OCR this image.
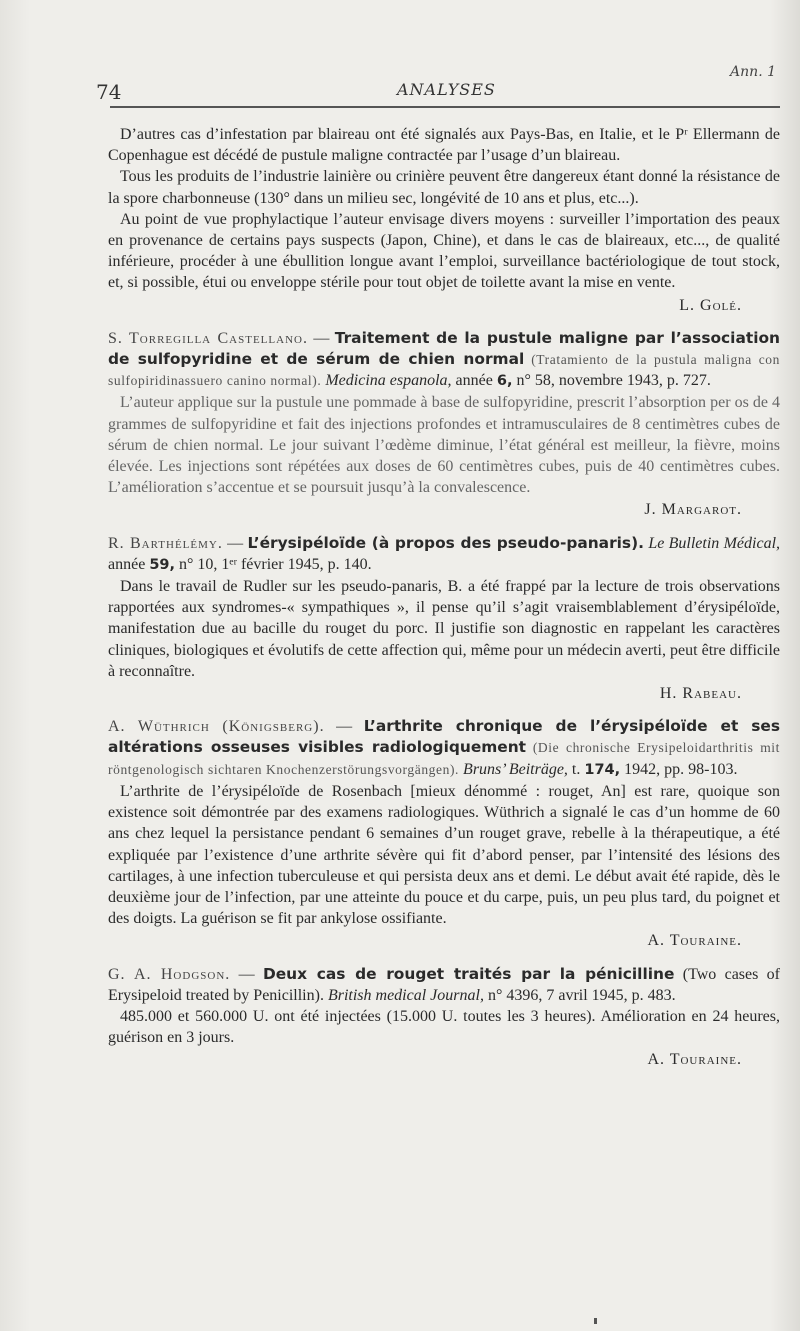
74	ANALYSES
Ann. 1

D’autres cas d’infestation par blaireau ont été signalés aux Pays-Bas, en Italie, et le Pʳ Ellermann de Copenhague est décédé de pustule maligne contractée par l’usage d’un blaireau.

Tous les produits de l’industrie lainière ou crinière peuvent être dangereux étant donné la résistance de la spore charbonneuse (130° dans un milieu sec, longévité de 10 ans et plus, etc...).

Au point de vue prophylactique l’auteur envisage divers moyens : surveiller l’importation des peaux en provenance de certains pays suspects (Japon, Chine), et dans le cas de blaireaux, etc..., de qualité inférieure, procéder à une ébullition longue avant l’emploi, surveillance bactériologique de tout stock, et, si possible, étui ou enveloppe stérile pour tout objet de toilette avant la mise en vente.

L. Golé.

S. Torregilla Castellano. — Traitement de la pustule maligne par l’association de sulfopyridine et de sérum de chien normal (Tratamiento de la pustula maligna con sulfopiridinassuero canino normal). Medicina espanola, année 6, n° 58, novembre 1943, p. 727.

L’auteur applique sur la pustule une pommade à base de sulfopyridine, prescrit l’absorption per os de 4 grammes de sulfopyridine et fait des injections profondes et intramusculaires de 8 centimètres cubes de sérum de chien normal. Le jour suivant l’œdème diminue, l’état général est meilleur, la fièvre, moins élevée. Les injections sont répétées aux doses de 60 centimètres cubes, puis de 40 centimètres cubes. L’amélioration s’accentue et se poursuit jusqu’à la convalescence.

J. Margarot.

R. Barthélémy. — L’érysipéloïde (à propos des pseudo-panaris). Le Bulletin Médical, année 59, n° 10, 1ᵉʳ février 1945, p. 140.

Dans le travail de Rudler sur les pseudo-panaris, B. a été frappé par la lecture de trois observations rapportées aux syndromes-« sympathiques », il pense qu’il s’agit vraisemblablement d’érysipéloïde, manifestation due au bacille du rouget du porc. Il justifie son diagnostic en rappelant les caractères cliniques, biologiques et évolutifs de cette affection qui, même pour un médecin averti, peut être difficile à reconnaître.

H. Rabeau.

A. Wüthrich (Königsberg). — L’arthrite chronique de l’érysipéloïde et ses altérations osseuses visibles radiologiquement (Die chronische Erysipeloidarthritis mit röntgenologisch sichtaren Knochenzerstörungsvorgängen). Bruns’ Beiträge, t. 174, 1942, pp. 98-103.

L’arthrite de l’érysipéloïde de Rosenbach [mieux dénommé : rouget, An] est rare, quoique son existence soit démontrée par des examens radiologiques. Wüthrich a signalé le cas d’un homme de 60 ans chez lequel la persistance pendant 6 semaines d’un rouget grave, rebelle à la thérapeutique, a été expliquée par l’existence d’une arthrite sévère qui fit d’abord penser, par l’intensité des lésions des cartilages, à une infection tuberculeuse et qui persista deux ans et demi. Le début avait été rapide, dès le deuxième jour de l’infection, par une atteinte du pouce et du carpe, puis, un peu plus tard, du poignet et des doigts. La guérison se fit par ankylose ossifiante.

A. Touraine.

G. A. Hodgson. — Deux cas de rouget traités par la pénicilline (Two cases of Erysipeloid treated by Penicillin). British medical Journal, n° 4396, 7 avril 1945, p. 483.

485.000 et 560.000 U. ont été injectées (15.000 U. toutes les 3 heures). Amélioration en 24 heures, guérison en 3 jours.

A. Touraine.
